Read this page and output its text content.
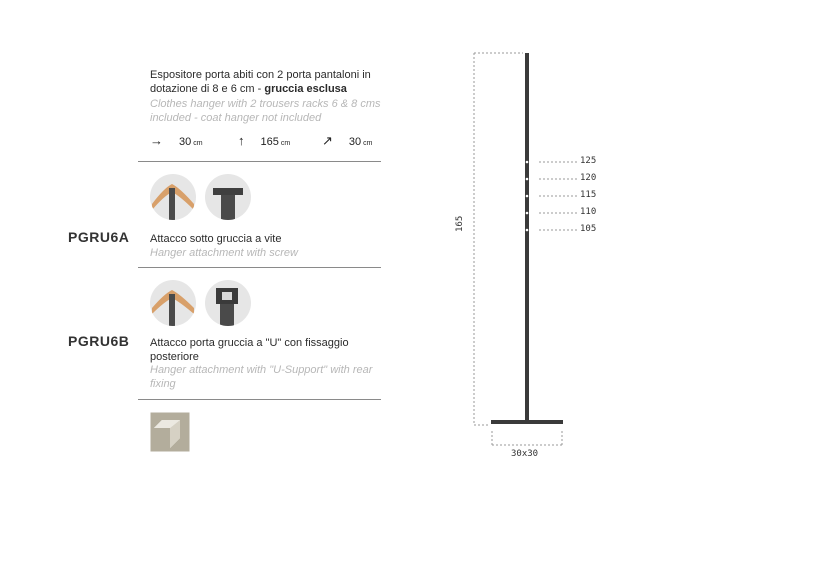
Espositore porta abiti con 2 porta pantaloni in dotazione di 8 e 6 cm - gruccia esclusa
Clothes hanger with 2 trousers racks 6 & 8 cms included - coat hanger not included
→ 30 cm	↑ 165 cm ↗ 30 cm
PGRU6A Attacco sotto gruccia a vite
Hanger attachment with screw
PGRU6B Attacco porta gruccia a "U" con fissaggio posteriore
Hanger attachment with "U-Support" with rear fixing
165
30x30
125
120
115
110
105
